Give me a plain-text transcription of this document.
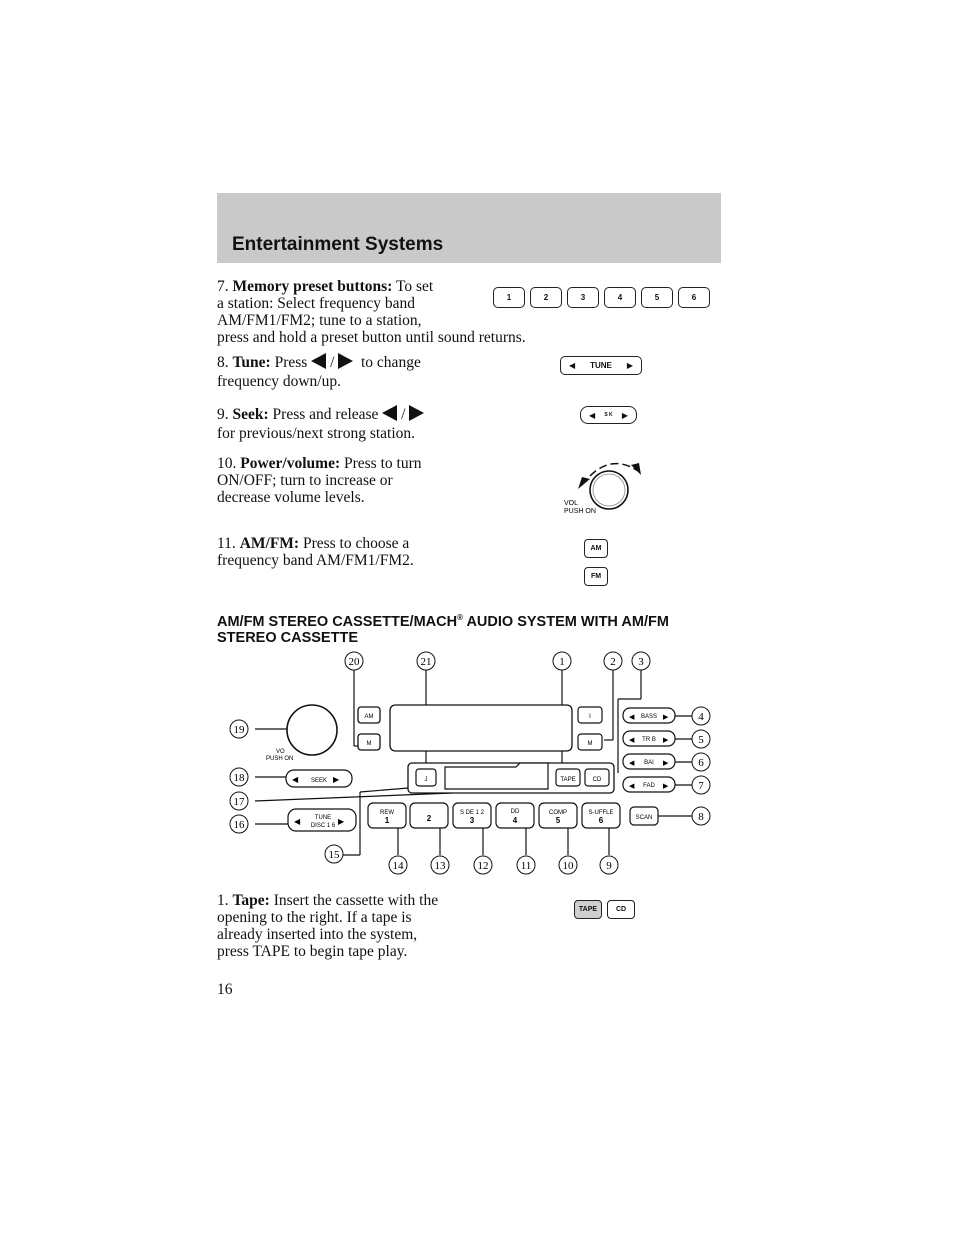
Entertainment Systems
7. Memory preset buttons: To set
a station: Select frequency band
AM/FM1/FM2; tune to a station,
press and hold a preset button until sound returns.
1	2	3	4	5	6
8. Tune: Press / to change
frequency down/up.
◀ TUNE ▶
9. Seek: Press and release /
for previous/next strong station.
◀ S K ▶
10. Power/volume: Press to turn
ON/OFF; turn to increase or
decrease volume levels.	VOL
PUSH ON
11. AM/FM: Press to choose a
frequency band AM/FM1/FM2.
AM
FM
AM/FM STEREO CASSETTE/MACH® AUDIO SYSTEM WITH AM/FM
STEREO CASSETTE
VO
PUSH ON
AM
M
J	TAPE	CD
I
M
BASS
TR B
BAI
FAD
◀	▶
◀	▶
◀	▶
◀	▶
◀ SEEK ▶
◀ TUNE
DISC 1 6 ▶
REW	S DE 1 2	DD	COMP	S-UFFLE
1	2	3	4	5	6	SCAN
20	21	1	2 3
19
4
5
6
18
7
17
16
8
15
14	13	12	11	10	9
1. Tape: Insert the cassette with the
opening to the right. If a tape is
already inserted into the system,
press TAPE to begin tape play.
TAPE	CD
16
